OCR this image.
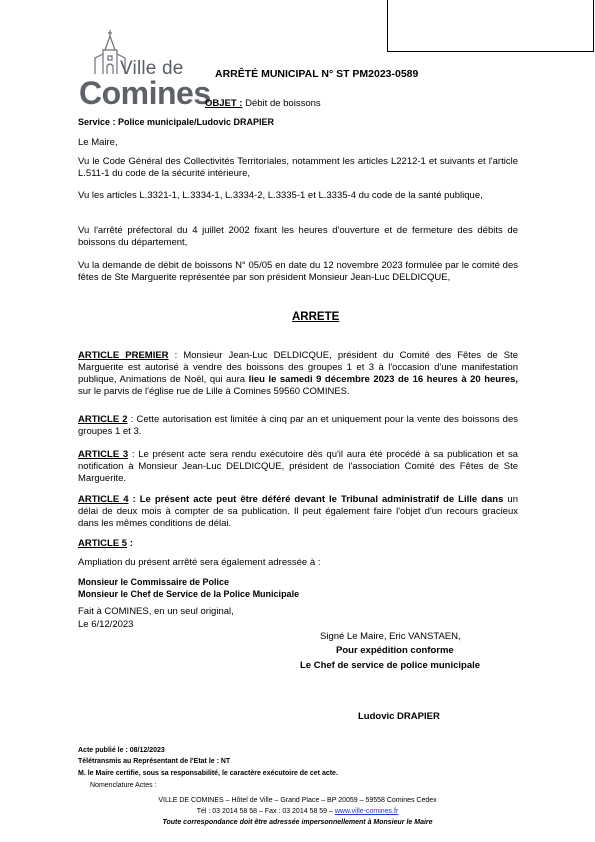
Ville de
Comines
ARRÊTÉ MUNICIPAL N° ST PM2023-0589
OBJET : Débit de boissons
Service : Police municipale/Ludovic DRAPIER
Le Maire,
Vu le Code Général des Collectivités Territoriales, notamment les articles L2212-1 et suivants et l'article L.511-1 du code de la sécurité intérieure,
Vu les articles L.3321-1, L.3334-1, L.3334-2, L.3335-1 et L.3335-4 du code de la santé publique,
Vu l'arrêté préfectoral du 4 juillet 2002 fixant les heures d'ouverture et de fermeture des débits de boissons du département,
Vu la demande de débit de boissons N° 05/05 en date du 12 novembre 2023 formulée par le comité des fêtes de Ste Marguerite représentée par son président Monsieur Jean-Luc DELDICQUE,
ARRETE
ARTICLE PREMIER : Monsieur Jean-Luc DELDICQUE, président du Comité des Fêtes de Ste Marguerite est autorisé à vendre des boissons des groupes 1 et 3 à l'occasion d'une manifestation publique, Animations de Noël, qui aura lieu le samedi 9 décembre 2023 de 16 heures à 20 heures, sur le parvis de l'église rue de Lille à Comines 59560 COMINES.
ARTICLE 2 : Cette autorisation est limitée à cinq par an et uniquement pour la vente des boissons des groupes 1 et 3.
ARTICLE 3 : Le présent acte sera rendu exécutoire dès qu'il aura été procédé à sa publication et sa notification à Monsieur Jean-Luc DELDICQUE, président de l'association Comité des Fêtes de Ste Marguerite.
ARTICLE 4 : Le présent acte peut être déféré devant le Tribunal administratif de Lille dans un délai de deux mois à compter de sa publication. Il peut également faire l'objet d'un recours gracieux dans les mêmes conditions de délai.
ARTICLE 5 :
Ampliation du présent arrêté sera également adressée à :
Monsieur le Commissaire de Police
Monsieur le Chef de Service de la Police Municipale
Fait à COMINES, en un seul original,
Le 6/12/2023
Signé Le Maire, Eric VANSTAEN,
Pour expédition conforme
Le Chef de service de police municipale
Ludovic DRAPIER
Acte publié le : 08/12/2023
Télétransmis au Représentant de l'Etat le : NT
M. le Maire certifie, sous sa responsabilité, le caractère exécutoire de cet acte.
Nomenclature Actes :
VILLE DE COMINES – Hôtel de Ville – Grand Place – BP 20059 – 59558 Comines Cedex
Tél : 03 2014 58 58 – Fax : 03 2014 58 59 – www.ville-comines.fr
Toute correspondance doit être adressée impersonnellement à Monsieur le Maire
